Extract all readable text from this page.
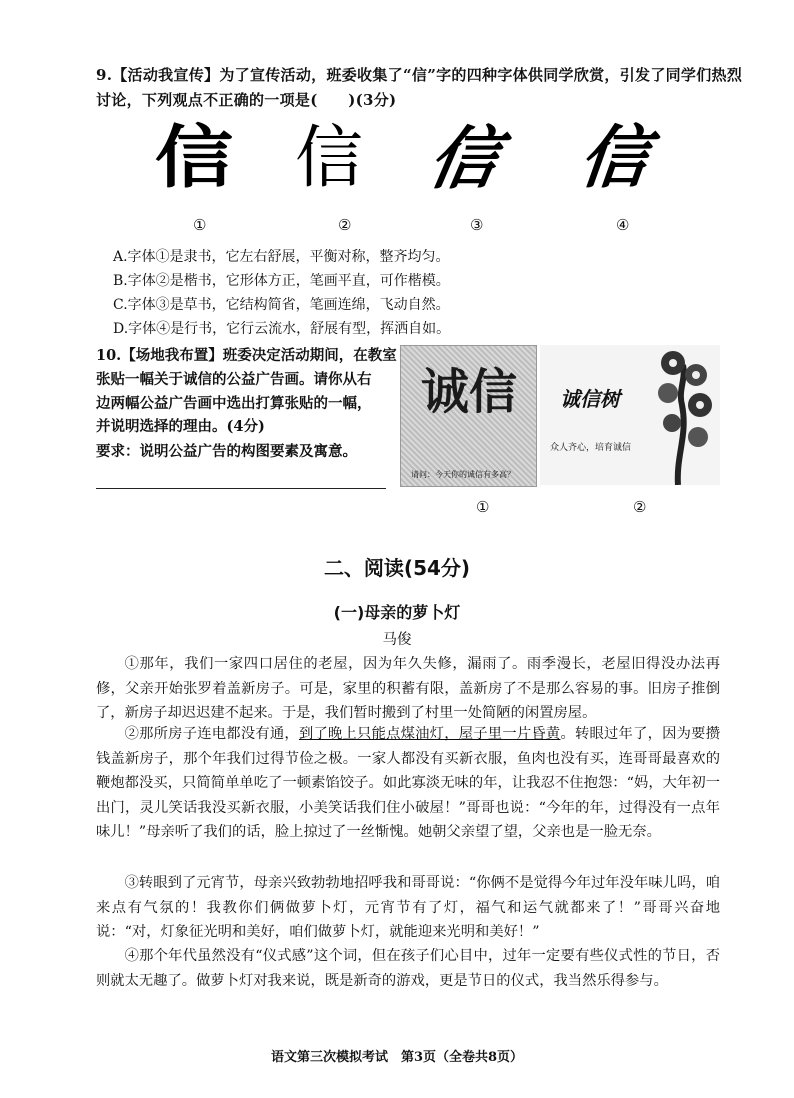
9.【活动我宣传】为了宣传活动，班委收集了“信”字的四种字体供同学欣赏，引发了同学们热烈
讨论，下列观点不正确的一项是(　　)(3分)
信 信 信 信
①	②	③	④
A.字体①是隶书，它左右舒展，平衡对称，整齐均匀。
B.字体②是楷书，它形体方正，笔画平直，可作楷模。
C.字体③是草书，它结构简省，笔画连绵，飞动自然。
D.字体④是行书，它行云流水，舒展有型，挥洒自如。
10.【场地我布置】班委决定活动期间，在教室
张贴一幅关于诚信的公益广告画。请你从右
边两幅公益广告画中选出打算张贴的一幅，
并说明选择的理由。(4分)
要求：说明公益广告的构图要素及寓意。
诚信
请问：今天你的诚信有多高？
诚信树
众人齐心，培育诚信
①	②
二、阅读(54分)
(一)母亲的萝卜灯
马俊
①那年，我们一家四口居住的老屋，因为年久失修，漏雨了。雨季漫长，老屋旧得没办法再修，父亲开始张罗着盖新房子。可是，家里的积蓄有限，盖新房了不是那么容易的事。旧房子推倒了，新房子却迟迟建不起来。于是，我们暂时搬到了村里一处简陋的闲置房屋。
②那所房子连电都没有通，到了晚上只能点煤油灯，屋子里一片昏黄。转眼过年了，因为要攒钱盖新房子，那个年我们过得节俭之极。一家人都没有买新衣服，鱼肉也没有买，连哥哥最喜欢的鞭炮都没买，只简简单单吃了一顿素馅饺子。如此寡淡无味的年，让我忍不住抱怨：“妈，大年初一出门，灵儿笑话我没买新衣服，小美笑话我们住小破屋！”哥哥也说：“今年的年，过得没有一点年味儿！”母亲听了我们的话，脸上掠过了一丝惭愧。她朝父亲望了望，父亲也是一脸无奈。
③转眼到了元宵节，母亲兴致勃勃地招呼我和哥哥说：“你俩不是觉得今年过年没年味儿吗，咱来点有气氛的！我教你们俩做萝卜灯，元宵节有了灯，福气和运气就都来了！”哥哥兴奋地说：“对，灯象征光明和美好，咱们做萝卜灯，就能迎来光明和美好！”
④那个年代虽然没有“仪式感”这个词，但在孩子们心目中，过年一定要有些仪式性的节日，否则就太无趣了。做萝卜灯对我来说，既是新奇的游戏，更是节日的仪式，我当然乐得参与。
语文第三次模拟考试　第3页（全卷共8页）
